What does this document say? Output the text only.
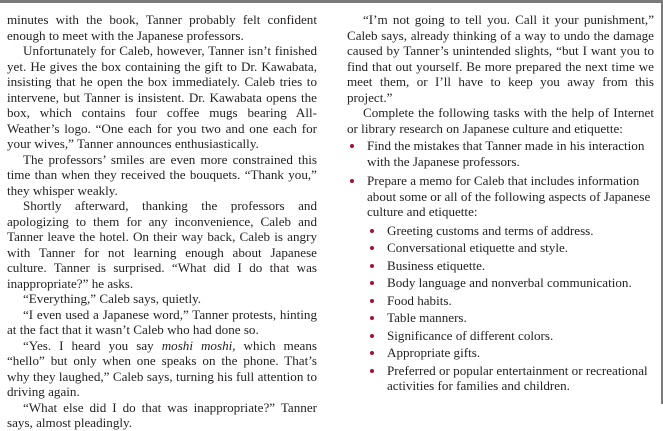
minutes with the book, Tanner probably felt confident enough to meet with the Japanese professors.

Unfortunately for Caleb, however, Tanner isn’t finished yet. He gives the box containing the gift to Dr. Kawabata, insisting that he open the box immediately. Caleb tries to intervene, but Tanner is insistent. Dr. Kawabata opens the box, which contains four coffee mugs bearing All-Weather’s logo. “One each for you two and one each for your wives,” Tanner announces enthusiastically.

The professors’ smiles are even more constrained this time than when they received the bouquets. “Thank you,” they whisper weakly.

Shortly afterward, thanking the professors and apologizing to them for any inconvenience, Caleb and Tanner leave the hotel. On their way back, Caleb is angry with Tanner for not learning enough about Japanese culture. Tanner is surprised. “What did I do that was inappropriate?” he asks.

“Everything,” Caleb says, quietly.

“I even used a Japanese word,” Tanner protests, hinting at the fact that it wasn’t Caleb who had done so.

“Yes. I heard you say moshi moshi, which means “hello” but only when one speaks on the phone. That’s why they laughed,” Caleb says, turning his full attention to driving again.

“What else did I do that was inappropriate?” Tanner says, almost pleadingly.

“I’m not going to tell you. Call it your punishment,” Caleb says, already thinking of a way to undo the damage caused by Tanner’s unintended slights, “but I want you to find that out yourself. Be more prepared the next time we meet them, or I’ll have to keep you away from this project.”

Complete the following tasks with the help of Internet or library research on Japanese culture and etiquette:

Find the mistakes that Tanner made in his interaction with the Japanese professors.
Prepare a memo for Caleb that includes information about some or all of the following aspects of Japanese culture and etiquette:
Greeting customs and terms of address.
Conversational etiquette and style.
Business etiquette.
Body language and nonverbal communication.
Food habits.
Table manners.
Significance of different colors.
Appropriate gifts.
Preferred or popular entertainment or recreational activities for families and children.
